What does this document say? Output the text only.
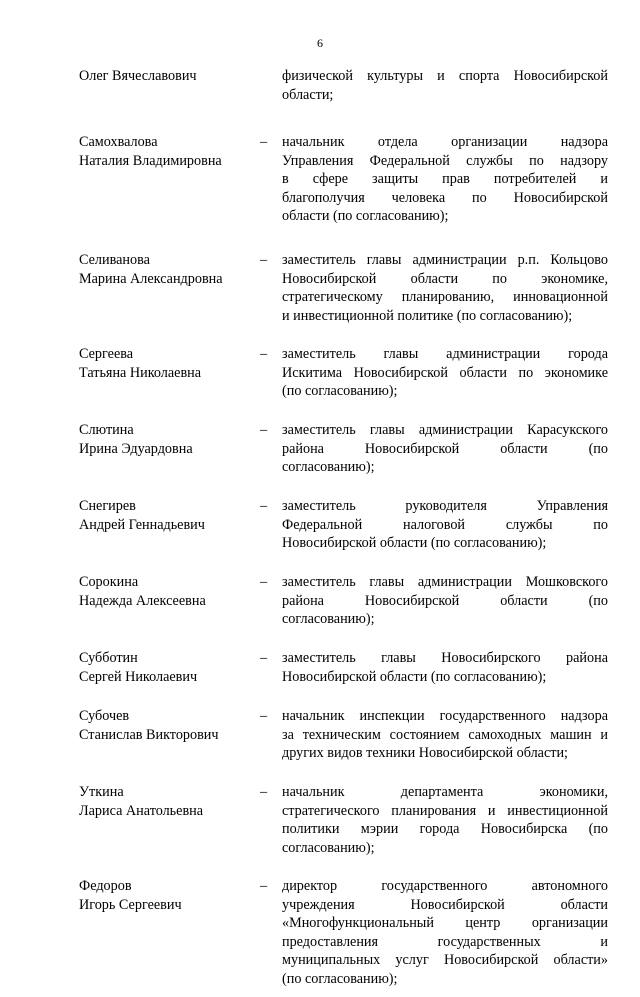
6
Олег Вячеславович	физической культуры и спорта Новосибирской
области;
Самохвалова
Наталия Владимировна
–	начальник отдела организации надзора
Управления Федеральной службы по надзору
в сфере защиты прав потребителей и
благополучия человека по Новосибирской
области (по согласованию);
Селиванова
Марина Александровна
–	заместитель главы администрации р.п. Кольцово
Новосибирской области по экономике,
стратегическому планированию, инновационной
и инвестиционной политике (по согласованию);
Сергеева
Татьяна Николаевна
–	заместитель главы администрации города
Искитима Новосибирской области по экономике
(по согласованию);
Слютина
Ирина Эдуардовна
–	заместитель главы администрации Карасукского
района Новосибирской области (по
согласованию);
Снегирев
Андрей Геннадьевич
–	заместитель руководителя Управления
Федеральной налоговой службы по
Новосибирской области (по согласованию);
Сорокина
Надежда Алексеевна
–	заместитель главы администрации Мошковского
района Новосибирской области (по
согласованию);
Субботин
Сергей Николаевич
–	заместитель главы Новосибирского района
Новосибирской области (по согласованию);
Субочев
Станислав Викторович
–	начальник инспекции государственного надзора
за техническим состоянием самоходных машин и
других видов техники Новосибирской области;
Уткина
Лариса Анатольевна
–	начальник департамента экономики,
стратегического планирования и инвестиционной
политики мэрии города Новосибирска (по
согласованию);
Федоров
Игорь Сергеевич
–	директор государственного автономного
учреждения Новосибирской области
«Многофункциональный центр организации
предоставления государственных и
муниципальных услуг Новосибирской области»
(по согласованию);
